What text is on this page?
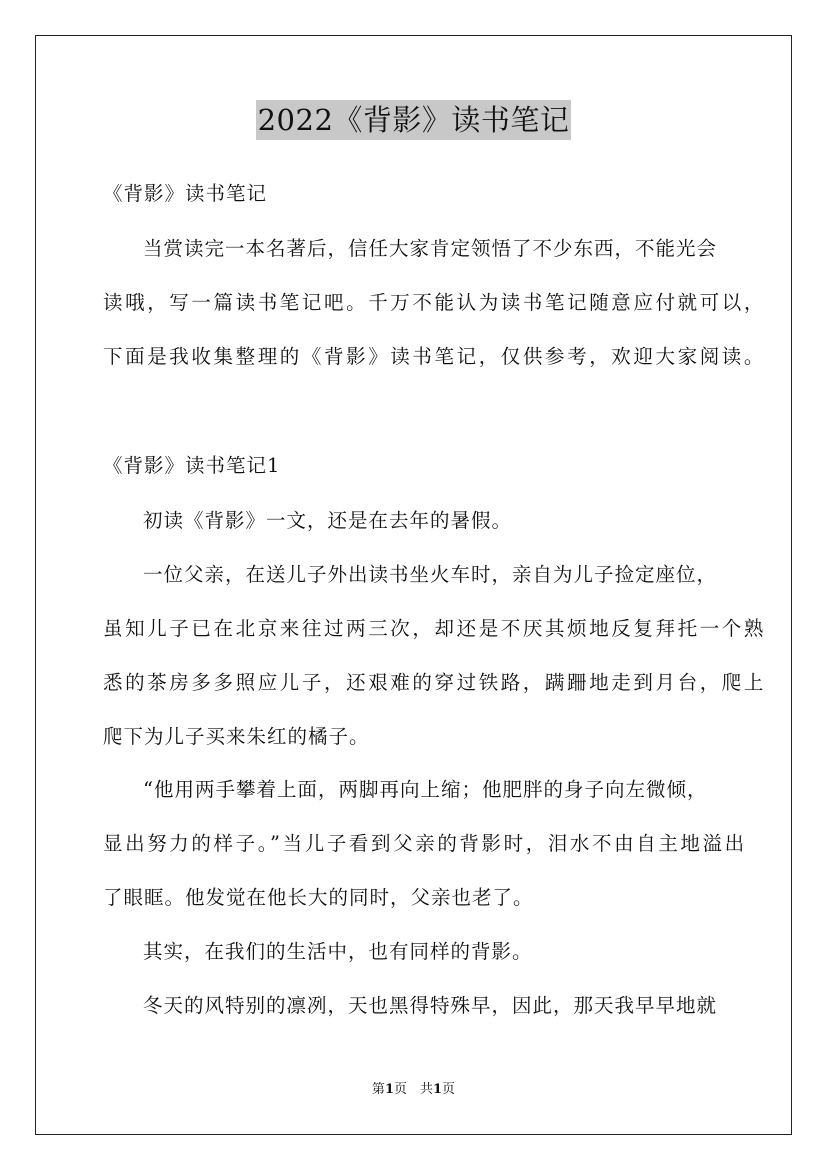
2022《背影》读书笔记
《背影》读书笔记
当赏读完一本名著后，信任大家肯定领悟了不少东西，不能光会
读哦，写一篇读书笔记吧。千万不能认为读书笔记随意应付就可以，
下面是我收集整理的《背影》读书笔记，仅供参考，欢迎大家阅读。
《背影》读书笔记1
初读《背影》一文，还是在去年的暑假。
一位父亲，在送儿子外出读书坐火车时，亲自为儿子捡定座位，
虽知儿子已在北京来往过两三次，却还是不厌其烦地反复拜托一个熟
悉的茶房多多照应儿子，还艰难的穿过铁路，蹒跚地走到月台，爬上
爬下为儿子买来朱红的橘子。
“他用两手攀着上面，两脚再向上缩；他肥胖的身子向左微倾，
显出努力的样子。”当儿子看到父亲的背影时，泪水不由自主地溢出
了眼眶。他发觉在他长大的同时，父亲也老了。
其实，在我们的生活中，也有同样的背影。
冬天的风特别的凛冽，天也黑得特殊早，因此，那天我早早地就
第1页　共1页
